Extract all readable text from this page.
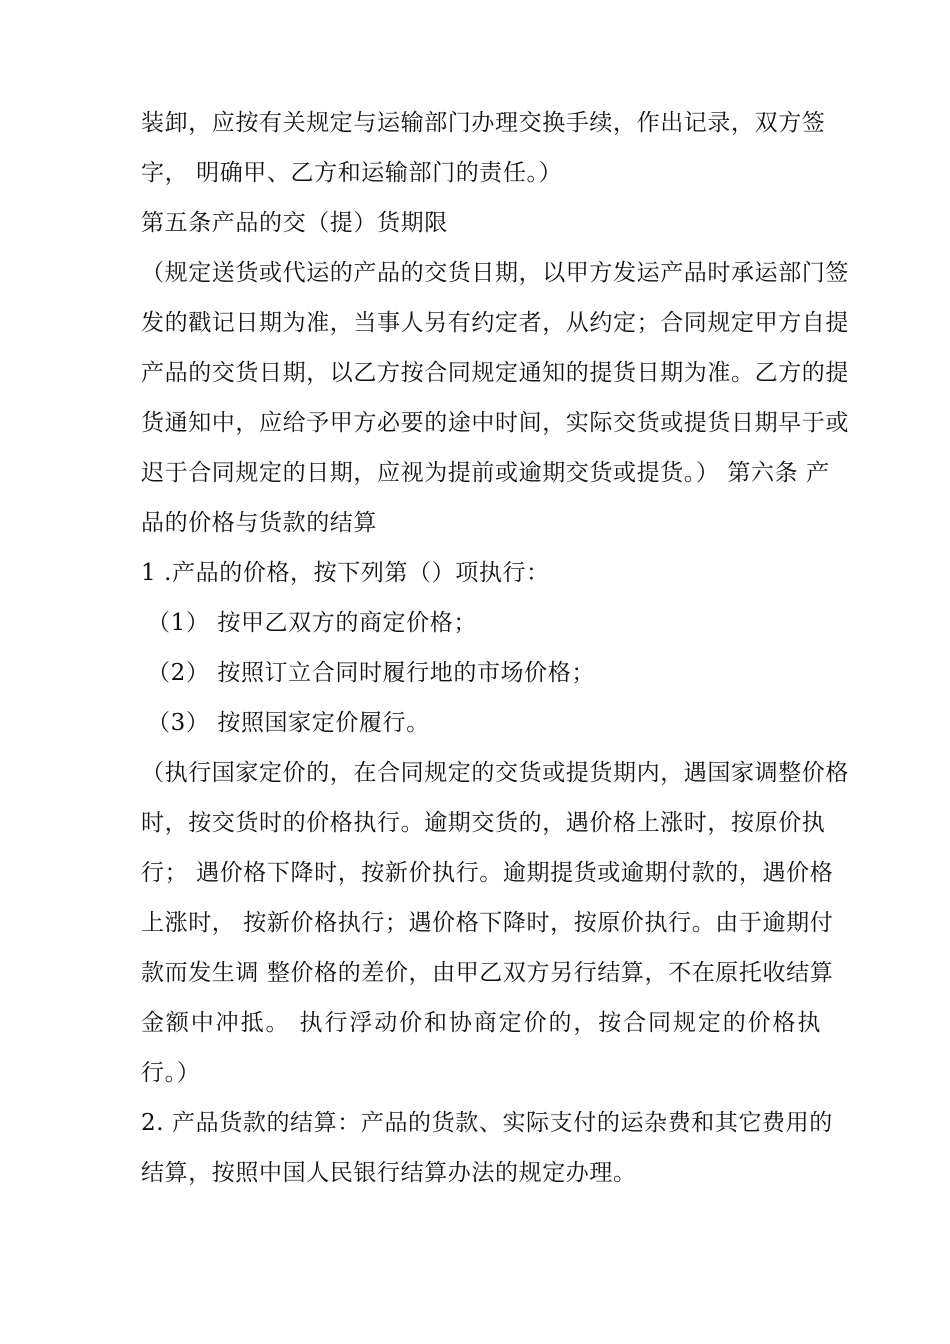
装卸，应按有关规定与运输部门办理交换手续，作出记录，双方签
字， 明确甲、乙方和运输部门的责任。）
第五条产品的交（提）货期限
（规定送货或代运的产品的交货日期，以甲方发运产品时承运部门签
发的戳记日期为准，当事人另有约定者，从约定；合同规定甲方自提
产品的交货日期，以乙方按合同规定通知的提货日期为准。乙方的提
货通知中，应给予甲方必要的途中时间，实际交货或提货日期早于或
迟于合同规定的日期，应视为提前或逾期交货或提货。） 第六条 产
品的价格与货款的结算
1 .产品的价格，按下列第（）项执行：
（1） 按甲乙双方的商定价格；
（2） 按照订立合同时履行地的市场价格；
（3） 按照国家定价履行。
（执行国家定价的，在合同规定的交货或提货期内，遇国家调整价格
时，按交货时的价格执行。逾期交货的，遇价格上涨时，按原价执
行； 遇价格下降时，按新价执行。逾期提货或逾期付款的，遇价格
上涨时， 按新价格执行；遇价格下降时，按原价执行。由于逾期付
款而发生调 整价格的差价，由甲乙双方另行结算，不在原托收结算
金额中冲抵。 执行浮动价和协商定价的，按合同规定的价格执
行。）
2. 产品货款的结算：产品的货款、实际支付的运杂费和其它费用的
结算，按照中国人民银行结算办法的规定办理。
